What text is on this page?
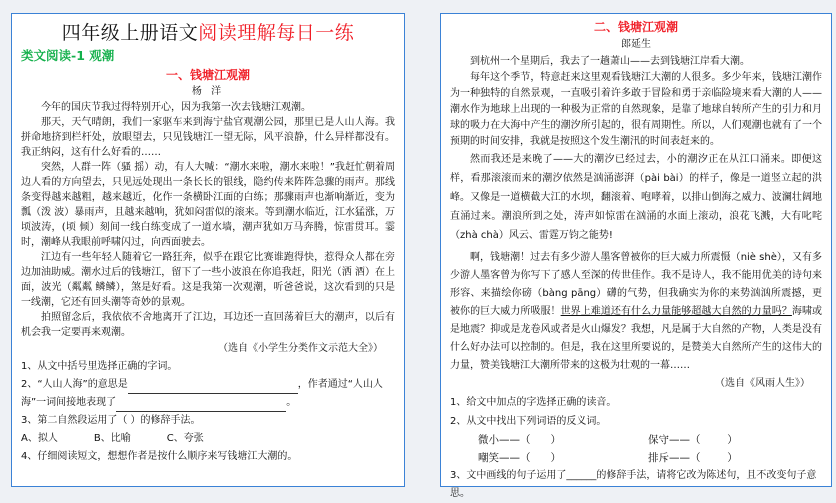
四年级上册语文阅读理解每日一练
类文阅读-1 观潮
一、钱塘江观潮
杨 洋

今年的国庆节我过得特别开心，因为我第一次去钱塘江观潮。

那天，天气晴朗，我们一家驱车来到海宁盐官观潮公园，那里已是人山人海。我拼命地挤到栏杆处，放眼望去，只见钱塘江一望无际，风平浪静，什么异样都没有。我正纳闷，这有什么好看的……

突然，人群一阵（骚 摇）动，有人大喊：“潮水来啦，潮水来啦！”我赶忙朝着周边人看的方向望去，只见远处现出一条长长的银线，隐约传来阵阵急骤的雨声。那线条变得越来越粗，越来越近，化作一条横卧江面的白练；那骤雨声也渐响渐近，变为瓢（泼 波）暴雨声，且越来越响，犹如闷雷似的滚来。等到潮水临近，江水猛涨，万顷波涛，(顷 倾）刻间一线白练变成了一道水墙，潮声犹如万马奔腾，惊雷贯耳。霎时，潮峰从我眼前呼啸闪过，向西面驶去。

江边有一些年轻人随着它一路狂奔，似乎在跟它比赛谁跑得快，惹得众人都在旁边加油助威。潮水过后的钱塘江，留下了一些小波浪在你追我赶，阳光（洒 酒）在上面，波光（粼粼 鳞鳞），煞是好看。这是我第一次观潮，听爸爸说，这次看到的只是一线潮，它还有回头潮等奇妙的景观。

拍照留念后，我依依不舍地离开了江边，耳边还一直回荡着巨大的潮声，以后有机会我一定要再来观潮。

（选自《小学生分类作文示范大全》）
1、从文中括号里选择正确的字词。
2、“人山人海”的意思是	，作者通过“人山人
海”一词间接地表现了	。
3、第二自然段运用了（ ）的修辞手法。
A、拟人	B、比喻	C、夸张
4、仔细阅读短文，想想作者是按什么顺序来写钱塘江大潮的。
二、钱塘江观潮
郎延生

到杭州一个星期后，我去了一趟萧山——去到钱塘江岸看大潮。

每年这个季节，特意赶来这里观看钱塘江大潮的人很多。多少年来，钱塘江潮作为一种独特的自然景观，一直吸引着许多敢于冒险和勇于亲临险境来看大潮的人——潮水作为地球上出现的一种极为正常的自然现象，是靠了地球自转所产生的引力和月球的吸力在大海中产生的潮汐所引起的，很有周期性。所以，人们观潮也就有了一个预期的时间安排，我就是按照这个发生潮汛的时间表赶来的。

然而我还是来晚了——大的潮汐已经过去，小的潮汐正在从江口涌来。即便这样，看那滚滚而来的潮汐依然是汹涌澎湃（pài bài）的样子，像是一道竖立起的洪峰。又像是一道横截大江的水坝，翻滚着、咆哮着，以排山倒海之威力、波澜壮阔地直涌过来。潮浪所到之处，涛声如惊雷在汹涌的水面上滚动，浪花飞溅，大有叱咤（zhà chà）风云、雷霆万钧之能势!

啊，钱塘潮！过去有多少游人墨客曾被你的巨大威力所震慑（niè shè），又有多少游人墨客曾为你写下了感人至深的传世佳作。我不是诗人，我不能用优美的诗句来形容、来描绘你磅（bàng pāng）礴的气势，但我确实为你的来势汹汹所震撼，更被你的巨大威力所吸服！世界上难道还有什么力量能够超越大自然的力量吗？海啸或是地震？抑或是龙卷风或者是火山爆发？我想，凡是属于大自然的产物，人类是没有什么好办法可以控制的。但是，我在这里所要说的，是赞美大自然所产生的这伟大的力量，赞美钱塘江大潮所带来的这极为壮观的一幕……

（选自《风雨人生》）
1、给文中加点的字选择正确的读音。
2、从文中找出下列词语的反义词。
微小——（      ）	保守——（        ）
嘲笑——（      ）	排斥——（        ）
3、文中画线的句子运用了______的修辞手法，请将它改为陈述句，且不改变句子意思。
